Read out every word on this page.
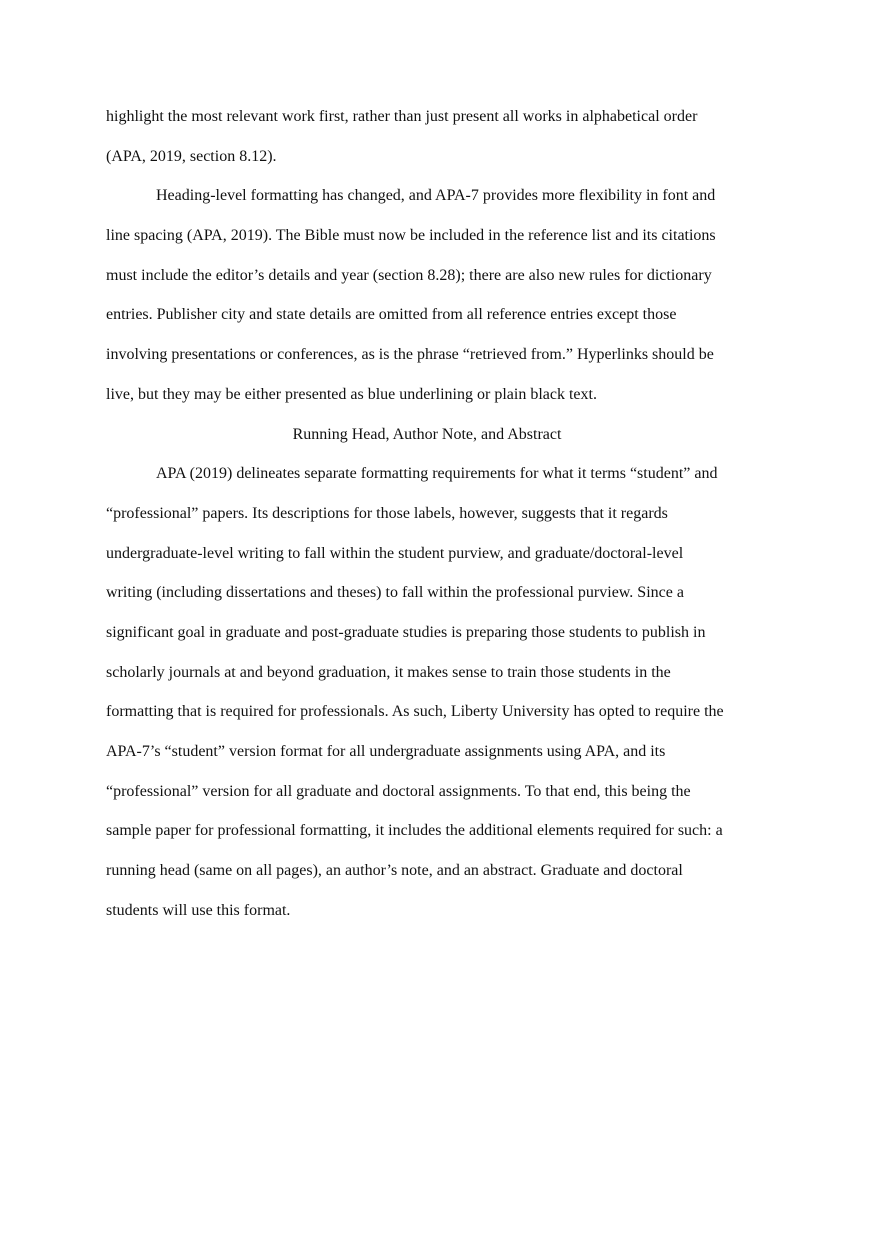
highlight the most relevant work first, rather than just present all works in alphabetical order
(APA, 2019, section 8.12).
Heading-level formatting has changed, and APA-7 provides more flexibility in font and
line spacing (APA, 2019). The Bible must now be included in the reference list and its citations
must include the editor’s details and year (section 8.28); there are also new rules for dictionary
entries. Publisher city and state details are omitted from all reference entries except those
involving presentations or conferences, as is the phrase “retrieved from.” Hyperlinks should be
live, but they may be either presented as blue underlining or plain black text.
Running Head, Author Note, and Abstract
APA (2019) delineates separate formatting requirements for what it terms “student” and
“professional” papers. Its descriptions for those labels, however, suggests that it regards
undergraduate-level writing to fall within the student purview, and graduate/doctoral-level
writing (including dissertations and theses) to fall within the professional purview. Since a
significant goal in graduate and post-graduate studies is preparing those students to publish in
scholarly journals at and beyond graduation, it makes sense to train those students in the
formatting that is required for professionals. As such, Liberty University has opted to require the
APA-7’s “student” version format for all undergraduate assignments using APA, and its
“professional” version for all graduate and doctoral assignments. To that end, this being the
sample paper for professional formatting, it includes the additional elements required for such: a
running head (same on all pages), an author’s note, and an abstract. Graduate and doctoral
students will use this format.
